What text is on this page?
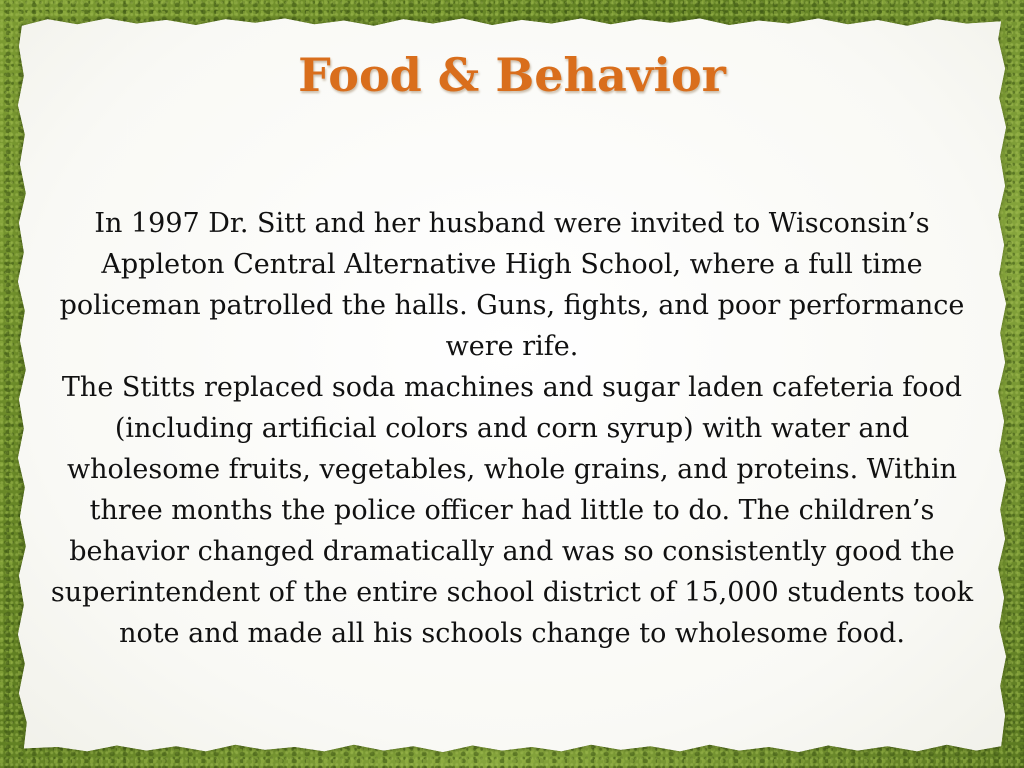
Food & Behavior

In 1997 Dr. Sitt and her husband were invited to Wisconsin’s Appleton Central Alternative High School, where a full time policeman patrolled the halls. Guns, fights, and poor performance were rife.

The Stitts replaced soda machines and sugar laden cafeteria food (including artificial colors and corn syrup) with water and wholesome fruits, vegetables, whole grains, and proteins. Within three months the police officer had little to do. The children’s behavior changed dramatically and was so consistently good the superintendent of the entire school district of 15,000 students took note and made all his schools change to wholesome food.
